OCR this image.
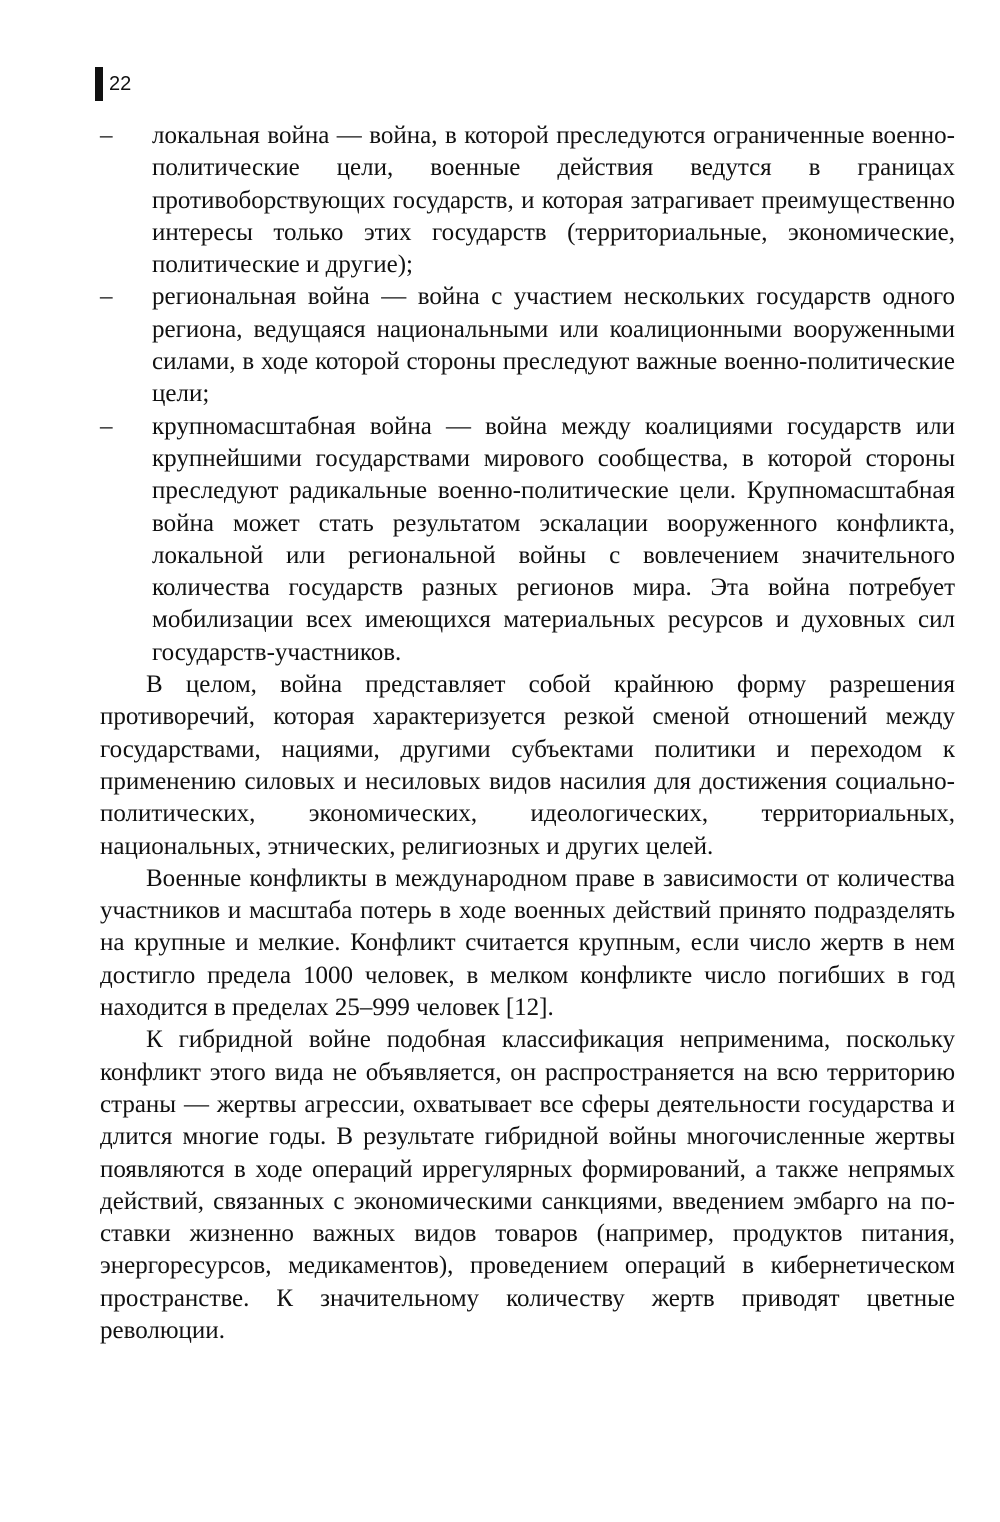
22
–	локальная война — война, в которой преследуются ограниченные военно-политические цели, военные действия ведутся в границах противоборствующих государств, и которая затрагивает преимущественно интересы только этих государств (территориальные, экономические, политические и другие);
–	региональная война — война с участием нескольких государств одного региона, ведущаяся национальными или коалиционными вооруженными силами, в ходе которой стороны преследуют важные военно-политические цели;
–	крупномасштабная война — война между коалициями государств или крупнейшими государствами мирового сообщества, в которой стороны преследуют радикальные военно-политические цели. Крупномасштабная война может стать результатом эскалации вооруженного конфликта, локальной или региональной войны с вовлечением значительного количества государств разных регионов мира. Эта война потребует мобилизации всех имеющихся материальных ресурсов и духовных сил государств-участников.

В целом, война представляет собой крайнюю форму разрешения противоречий, которая характеризуется резкой сменой отношений между государствами, нациями, другими субъектами политики и переходом к применению силовых и несиловых видов насилия для достижения социально-политических, экономических, идеологических, территориальных, национальных, этнических, религиозных и других целей.

Военные конфликты в международном праве в зависимости от количества участников и масштаба потерь в ходе военных действий принято подразделять на крупные и мелкие. Конфликт считается крупным, если число жертв в нем достигло предела 1000 человек, в мелком конфликте число погибших в год находится в пределах 25–999 человек [12].

К гибридной войне подобная классификация неприменима, поскольку конфликт этого вида не объявляется, он распространяется на всю территорию страны — жертвы агрессии, охватывает все сферы деятельности государства и длится многие годы. В результате гибридной войны многочисленные жертвы появляются в ходе операций иррегулярных формирований, а также непрямых действий, связанных с экономическими санкциями, введением эмбарго на поставки жизненно важных видов товаров (например, продуктов питания, энергоресурсов, медикаментов), проведением операций в кибернетическом пространстве. К значительному количеству жертв приводят цветные революции.
